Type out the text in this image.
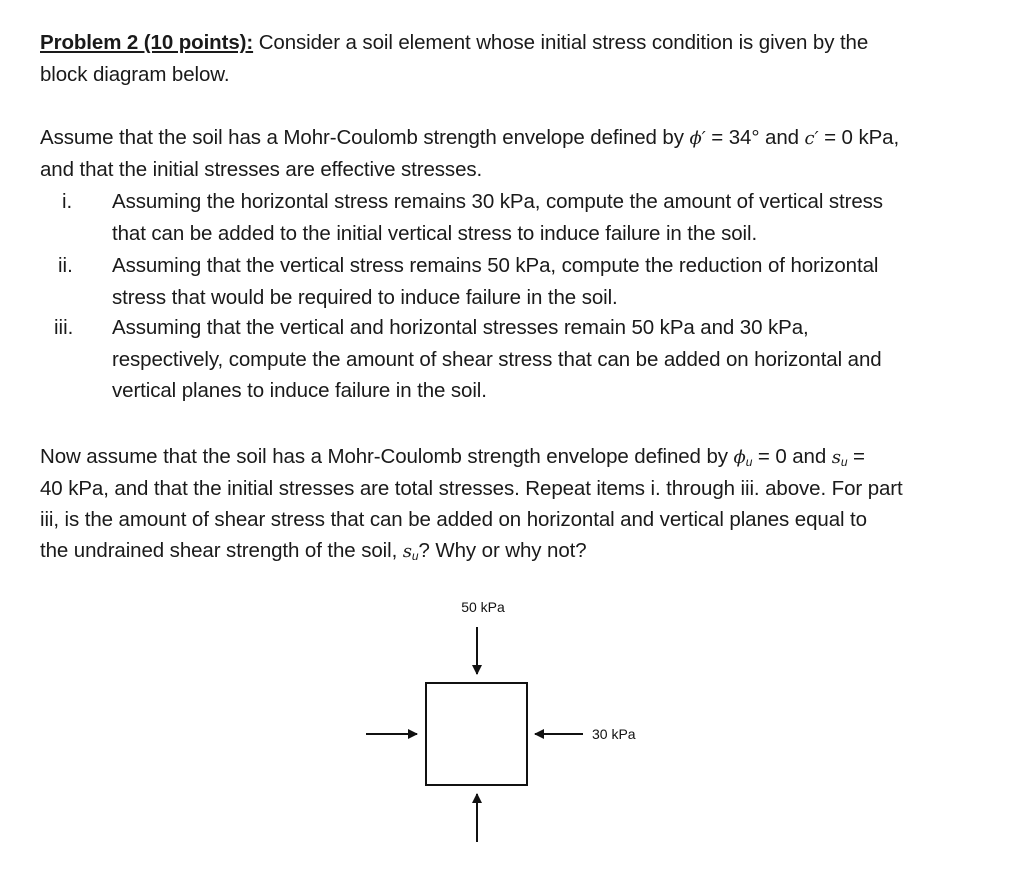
Problem 2 (10 points): Consider a soil element whose initial stress condition is given by the
block diagram below.
Assume that the soil has a Mohr-Coulomb strength envelope defined by ϕ′ = 34° and c′ = 0 kPa,
and that the initial stresses are effective stresses.
i. Assuming the horizontal stress remains 30 kPa, compute the amount of vertical stress
that can be added to the initial vertical stress to induce failure in the soil.
ii. Assuming that the vertical stress remains 50 kPa, compute the reduction of horizontal
stress that would be required to induce failure in the soil.
iii. Assuming that the vertical and horizontal stresses remain 50 kPa and 30 kPa,
respectively, compute the amount of shear stress that can be added on horizontal and
vertical planes to induce failure in the soil.
Now assume that the soil has a Mohr-Coulomb strength envelope defined by $\phi_u = 0$ and $s_u$ =
40 kPa, and that the initial stresses are total stresses. Repeat items i. through iii. above. For part
iii, is the amount of shear stress that can be added on horizontal and vertical planes equal to
the undrained shear strength of the soil, $s_u$? Why or why not?
50 kPa
30 kPa
